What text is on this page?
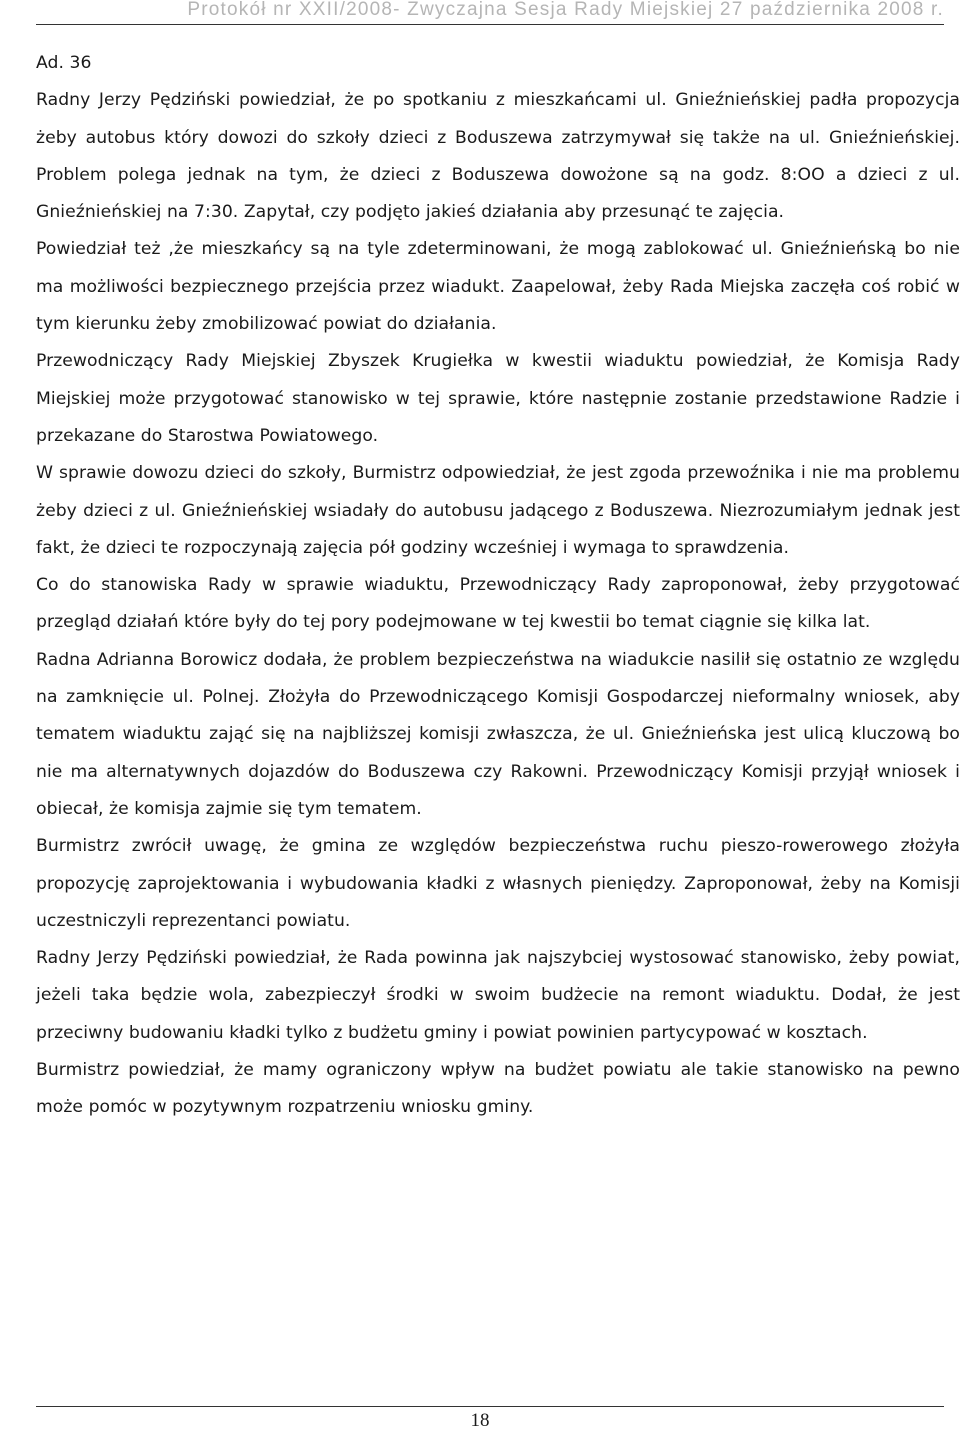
Protokół nr XXII/2008- Zwyczajna Sesja Rady Miejskiej 27 października 2008 r.
Ad. 36

Radny Jerzy Pędziński powiedział, że po spotkaniu z mieszkańcami ul. Gnieźnieńskiej padła propozycja żeby autobus który dowozi do szkoły dzieci z Boduszewa zatrzymywał się także na ul. Gnieźnieńskiej. Problem polega jednak na tym, że dzieci z Boduszewa dowożone są na godz. 8:OO a dzieci z ul. Gnieźnieńskiej na 7:30. Zapytał, czy podjęto jakieś działania aby przesunąć te zajęcia.

Powiedział też ,że mieszkańcy są na tyle zdeterminowani, że mogą zablokować ul. Gnieźnieńską bo nie ma możliwości bezpiecznego przejścia przez wiadukt. Zaapelował, żeby Rada Miejska zaczęła coś robić w tym kierunku żeby zmobilizować powiat do działania.

Przewodniczący Rady Miejskiej Zbyszek Krugiełka w kwestii wiaduktu powiedział, że Komisja Rady Miejskiej może przygotować stanowisko w tej sprawie, które następnie zostanie przedstawione Radzie i przekazane do Starostwa Powiatowego.

W sprawie dowozu dzieci do szkoły, Burmistrz odpowiedział, że jest zgoda przewoźnika i nie ma problemu żeby dzieci z ul. Gnieźnieńskiej wsiadały do autobusu jadącego z Boduszewa. Niezrozumiałym jednak jest fakt, że dzieci te rozpoczynają zajęcia pół godziny wcześniej i wymaga to sprawdzenia.

Co do stanowiska Rady w sprawie wiaduktu, Przewodniczący Rady zaproponował, żeby przygotować przegląd działań które były do tej pory podejmowane w tej kwestii bo temat ciągnie się kilka lat.

Radna Adrianna Borowicz dodała, że problem bezpieczeństwa na wiadukcie nasilił się ostatnio ze względu na zamknięcie ul. Polnej. Złożyła do Przewodniczącego Komisji Gospodarczej nieformalny wniosek, aby tematem wiaduktu zająć się na najbliższej komisji zwłaszcza, że ul. Gnieźnieńska jest ulicą kluczową bo nie ma alternatywnych dojazdów do Boduszewa czy Rakowni. Przewodniczący Komisji przyjął wniosek i obiecał, że komisja zajmie się tym tematem.

Burmistrz zwrócił uwagę, że gmina ze względów bezpieczeństwa ruchu pieszo-rowerowego złożyła propozycję zaprojektowania i wybudowania kładki z własnych pieniędzy. Zaproponował, żeby na Komisji uczestniczyli reprezentanci powiatu.

Radny Jerzy Pędziński powiedział, że Rada powinna jak najszybciej wystosować stanowisko, żeby powiat, jeżeli taka będzie wola, zabezpieczył środki w swoim budżecie na remont wiaduktu. Dodał, że jest przeciwny budowaniu kładki tylko z budżetu gminy i powiat powinien partycypować w kosztach.

Burmistrz powiedział, że mamy ograniczony wpływ na budżet powiatu ale takie stanowisko na pewno może pomóc w pozytywnym rozpatrzeniu wniosku gminy.

18
